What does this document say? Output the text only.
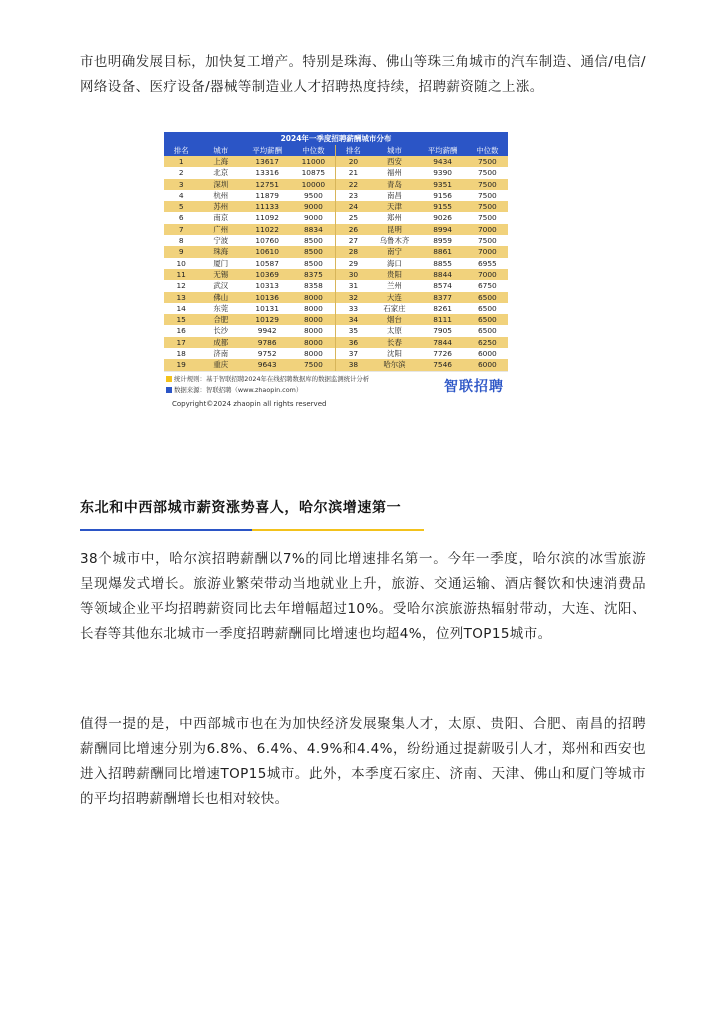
市也明确发展目标，加快复工增产。特别是珠海、佛山等珠三角城市的汽车制造、通信/电信/网络设备、医疗设备/器械等制造业人才招聘热度持续，招聘薪资随之上涨。

2024年一季度招聘薪酬城市分布
排名	城市	平均薪酬	中位数	排名	城市	平均薪酬	中位数
1	上海	13617	11000	20	西安	9434	7500
2	北京	13316	10875	21	福州	9390	7500
3	深圳	12751	10000	22	青岛	9351	7500
4	杭州	11879	9500	23	南昌	9156	7500
5	苏州	11133	9000	24	天津	9155	7500
6	南京	11092	9000	25	郑州	9026	7500
7	广州	11022	8834	26	昆明	8994	7000
8	宁波	10760	8500	27	乌鲁木齐	8959	7500
9	珠海	10610	8500	28	南宁	8861	7000
10	厦门	10587	8500	29	海口	8855	6955
11	无锡	10369	8375	30	贵阳	8844	7000
12	武汉	10313	8358	31	兰州	8574	6750
13	佛山	10136	8000	32	大连	8377	6500
14	东莞	10131	8000	33	石家庄	8261	6500
15	合肥	10129	8000	34	烟台	8111	6500
16	长沙	9942	8000	35	太原	7905	6500
17	成都	9786	8000	36	长春	7844	6250
18	济南	9752	8000	37	沈阳	7726	6000
19	重庆	9643	7500	38	哈尔滨	7546	6000
统计规则：基于智联招聘2024年在线招聘数据库的数据监测统计分析
数据来源：智联招聘（www.zhaopin.com）	智联招聘
Copyright©2024 zhaopin all rights reserved
东北和中西部城市薪资涨势喜人，哈尔滨增速第一

38个城市中，哈尔滨招聘薪酬以7%的同比增速排名第一。今年一季度，哈尔滨的冰雪旅游呈现爆发式增长。旅游业繁荣带动当地就业上升，旅游、交通运输、酒店餐饮和快速消费品等领域企业平均招聘薪资同比去年增幅超过10%。受哈尔滨旅游热辐射带动，大连、沈阳、长春等其他东北城市一季度招聘薪酬同比增速也均超4%，位列TOP15城市。

值得一提的是，中西部城市也在为加快经济发展聚集人才，太原、贵阳、合肥、南昌的招聘薪酬同比增速分别为6.8%、6.4%、4.9%和4.4%，纷纷通过提薪吸引人才，郑州和西安也进入招聘薪酬同比增速TOP15城市。此外，本季度石家庄、济南、天津、佛山和厦门等城市的平均招聘薪酬增长也相对较快。
